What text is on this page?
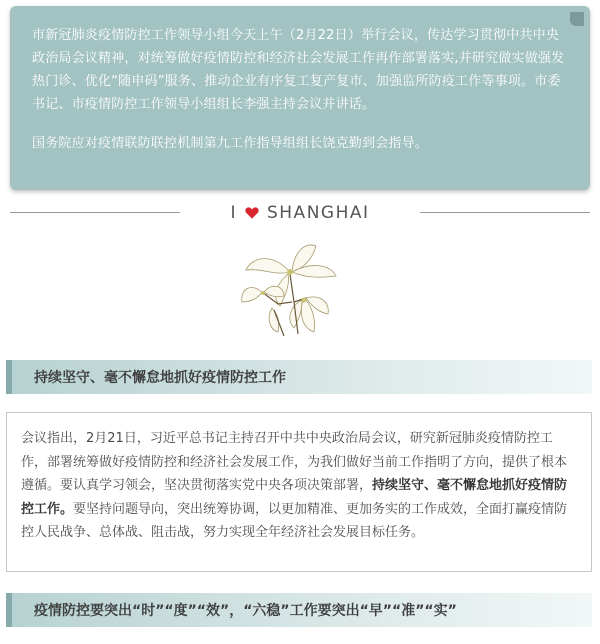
市新冠肺炎疫情防控工作领导小组今天上午（2月22日）举行会议，传达学习贯彻中共中央政治局会议精神，对统筹做好疫情防控和经济社会发展工作再作部署落实,并研究做实做强发热门诊、优化“随申码”服务、推动企业有序复工复产复市、加强监所防疫工作等事项。市委书记、市疫情防控工作领导小组组长李强主持会议并讲话。

国务院应对疫情联防联控机制第九工作指导组组长饶克勤到会指导。

I SHANGHAI
持续坚守、毫不懈怠地抓好疫情防控工作

会议指出，2月21日，习近平总书记主持召开中共中央政治局会议，研究新冠肺炎疫情防控工作，部署统筹做好疫情防控和经济社会发展工作，为我们做好当前工作指明了方向，提供了根本遵循。要认真学习领会，坚决贯彻落实党中央各项决策部署，持续坚守、毫不懈怠地抓好疫情防控工作。要坚持问题导向，突出统筹协调，以更加精准、更加务实的工作成效，全面打赢疫情防控人民战争、总体战、阻击战，努力实现全年经济社会发展目标任务。

疫情防控要突出“时”“度”“效”，“六稳”工作要突出“早”“准”“实”
